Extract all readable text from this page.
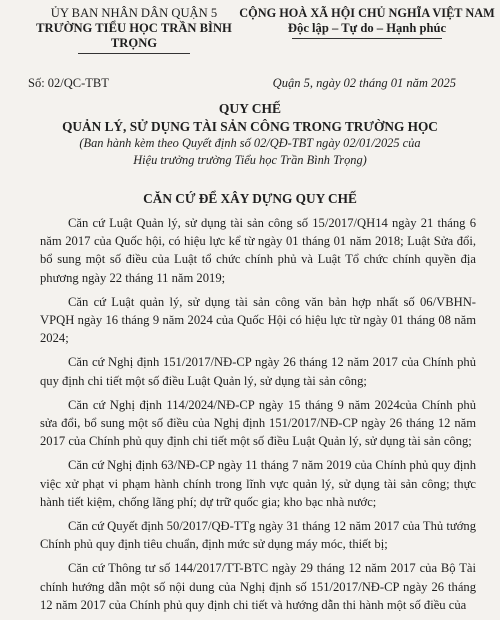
ỦY BAN NHÂN DÂN QUẬN 5
TRƯỜNG TIỂU HỌC TRẦN BÌNH TRỌNG
CỘNG HOÀ XÃ HỘI CHỦ NGHĨA VIỆT NAM
Độc lập – Tự do – Hạnh phúc
Số: 02/QC-TBT	Quận 5, ngày 02 tháng 01 năm 2025
QUY CHẾ
QUẢN LÝ, SỬ DỤNG TÀI SẢN CÔNG TRONG TRƯỜNG HỌC
(Ban hành kèm theo Quyết định số 02/QĐ-TBT ngày 02/01/2025 của
Hiệu trưởng trường Tiểu học Trần Bình Trọng)
CĂN CỨ ĐỂ XÂY DỰNG QUY CHẾ

Căn cứ Luật Quản lý, sử dụng tài sản công số 15/2017/QH14 ngày 21 tháng 6 năm 2017 của Quốc hội, có hiệu lực kể từ ngày 01 tháng 01 năm 2018; Luật Sửa đổi, bổ sung một số điều của Luật tổ chức chính phủ và Luật Tổ chức chính quyền địa phương ngày 22 tháng 11 năm 2019;

Căn cứ Luật quản lý, sử dụng tài sản công văn bản hợp nhất số 06/VBHN-VPQH ngày 16 tháng 9 năm 2024 của Quốc Hội có hiệu lực từ ngày 01 tháng 08 năm 2024;

Căn cứ Nghị định 151/2017/NĐ-CP ngày 26 tháng 12 năm 2017 của Chính phủ quy định chi tiết một số điều Luật Quản lý, sử dụng tài sản công;

Căn cứ Nghị định 114/2024/NĐ-CP ngày 15 tháng 9 năm 2024của Chính phủ sửa đổi, bổ sung một số điều của Nghị định 151/2017/NĐ-CP ngày 26 tháng 12 năm 2017 của Chính phủ quy định chi tiết một số điều Luật Quản lý, sử dụng tài sản công;

Căn cứ Nghị định 63/NĐ-CP ngày 11 tháng 7 năm 2019 của Chính phủ quy định việc xử phạt vi phạm hành chính trong lĩnh vực quản lý, sử dụng tài sản công; thực hành tiết kiệm, chống lãng phí; dự trữ quốc gia; kho bạc nhà nước;

Căn cứ Quyết định 50/2017/QĐ-TTg ngày 31 tháng 12 năm 2017 của Thủ tướng Chính phủ quy định tiêu chuẩn, định mức sử dụng máy móc, thiết bị;

Căn cứ Thông tư số 144/2017/TT-BTC ngày 29 tháng 12 năm 2017 của Bộ Tài chính hướng dẫn một số nội dung của Nghị định số 151/2017/NĐ-CP ngày 26 tháng 12 năm 2017 của Chính phủ quy định chi tiết và hướng dẫn thi hành một số điều của
